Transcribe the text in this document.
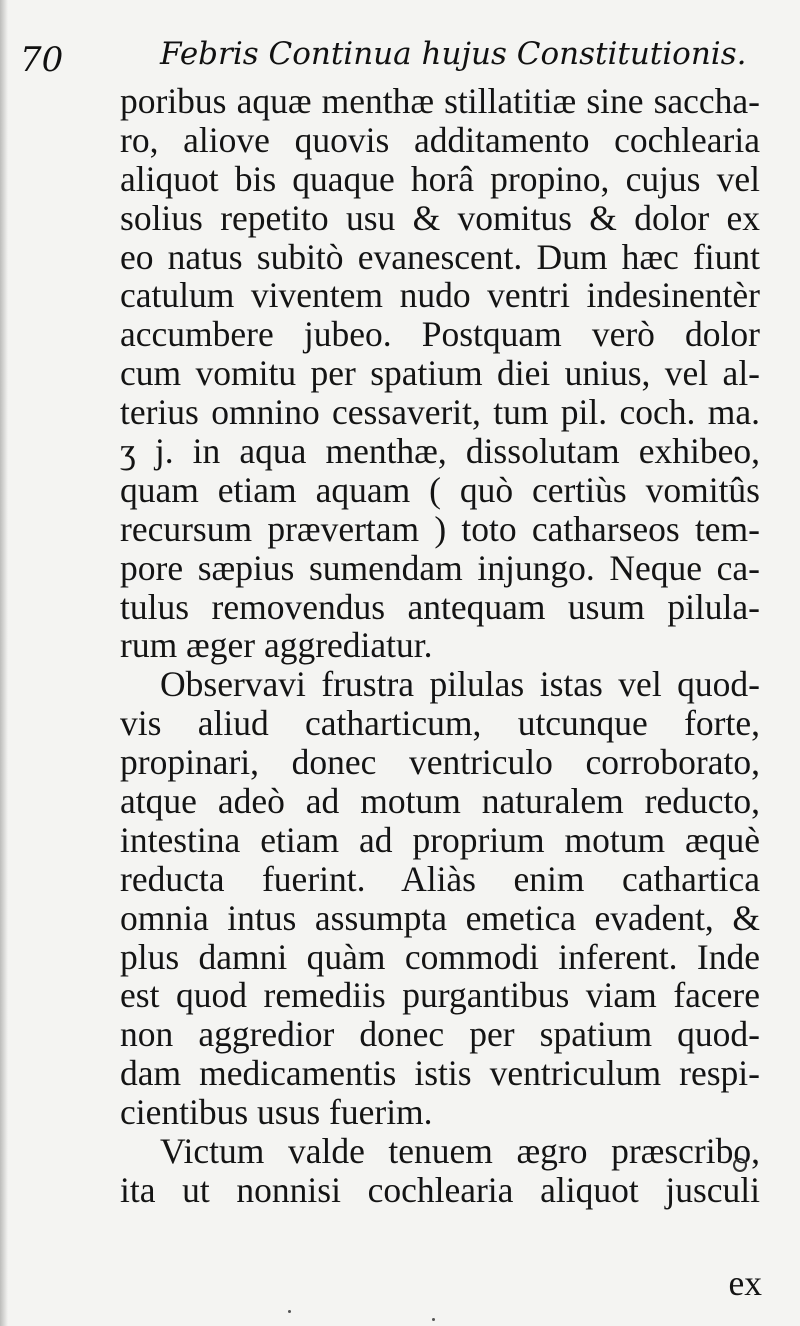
70	Febris Continua hujus Constitutionis.
poribus aquæ menthæ stillatitiæ sine saccha-
ro, aliove quovis additamento cochlearia
aliquot bis quaque horâ propino, cujus vel
solius repetito usu & vomitus & dolor ex
eo natus subitò evanescent. Dum hæc fiunt
catulum viventem nudo ventri indesinentèr
accumbere jubeo. Postquam verò dolor
cum vomitu per spatium diei unius, vel al-
terius omnino cessaverit, tum pil. coch. ma.
ʒ j. in aqua menthæ, dissolutam exhibeo,
quam etiam aquam ( quò certiùs vomitûs
recursum prævertam ) toto catharseos tem-
pore sæpius sumendam injungo. Neque ca-
tulus removendus antequam usum pilula-
rum æger aggrediatur.
Observavi frustra pilulas istas vel quod-
vis aliud catharticum, utcunque forte,
propinari, donec ventriculo corroborato,
atque adeò ad motum naturalem reducto,
intestina etiam ad proprium motum æquè
reducta fuerint. Aliàs enim cathartica
omnia intus assumpta emetica evadent, &
plus damni quàm commodi inferent. Inde
est quod remediis purgantibus viam facere
non aggredior donec per spatium quod-
dam medicamentis istis ventriculum respi-
cientibus usus fuerim.
Victum valde tenuem ægro præscribo,
ita ut nonnisi cochlearia aliquot jusculi
ex
